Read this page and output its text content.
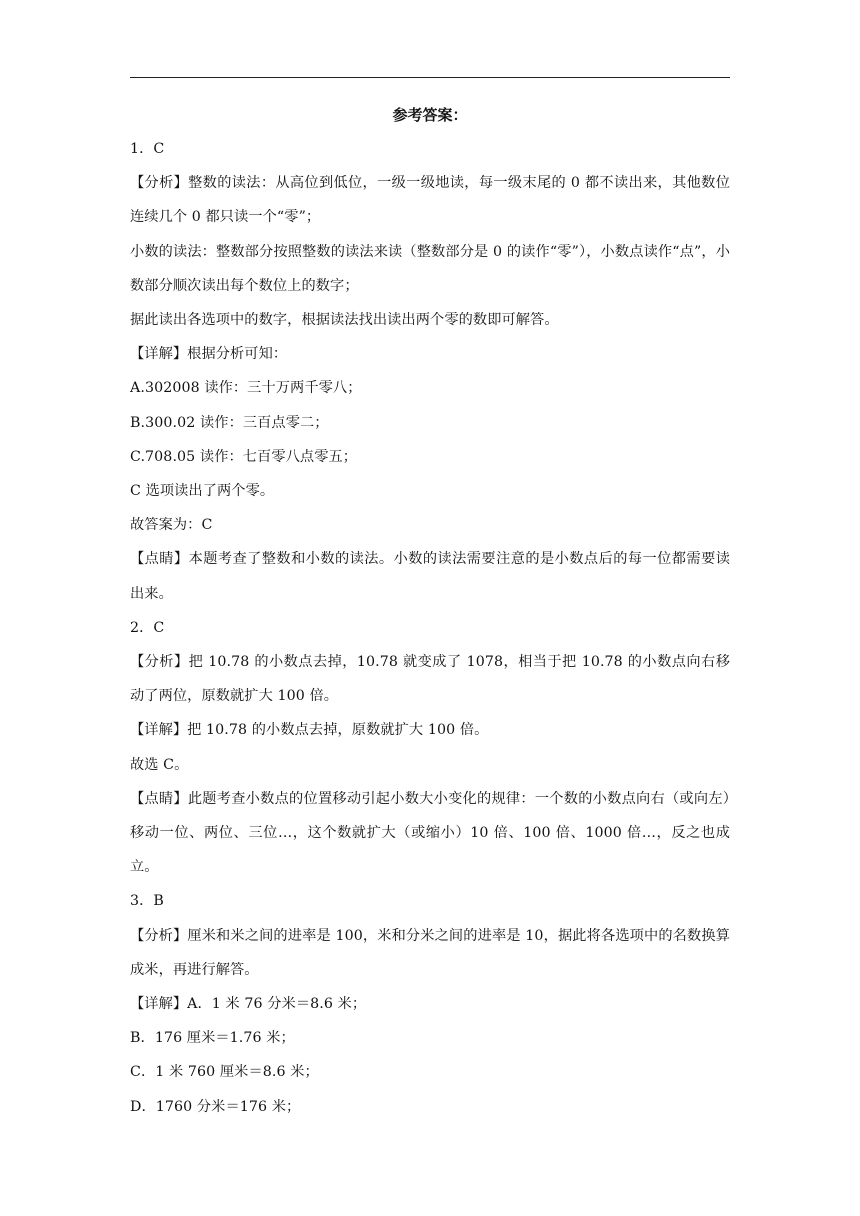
参考答案：

1．C

【分析】整数的读法：从高位到低位，一级一级地读，每一级末尾的 0 都不读出来，其他数位连续几个 0 都只读一个“零”；

小数的读法：整数部分按照整数的读法来读（整数部分是 0 的读作“零”），小数点读作“点”，小数部分顺次读出每个数位上的数字；

据此读出各选项中的数字，根据读法找出读出两个零的数即可解答。

【详解】根据分析可知：

A.302008 读作：三十万两千零八；

B.300.02 读作：三百点零二；

C.708.05 读作：七百零八点零五；

C 选项读出了两个零。

故答案为：C

【点睛】本题考查了整数和小数的读法。小数的读法需要注意的是小数点后的每一位都需要读出来。

2．C

【分析】把 10.78 的小数点去掉，10.78 就变成了 1078，相当于把 10.78 的小数点向右移动了两位，原数就扩大 100 倍。

【详解】把 10.78 的小数点去掉，原数就扩大 100 倍。

故选 C。

【点睛】此题考查小数点的位置移动引起小数大小变化的规律：一个数的小数点向右（或向左）移动一位、两位、三位…，这个数就扩大（或缩小）10 倍、100 倍、1000 倍…，反之也成立。

3．B

【分析】厘米和米之间的进率是 100，米和分米之间的进率是 10，据此将各选项中的名数换算成米，再进行解答。

【详解】A．1 米 76 分米＝8.6 米；

B．176 厘米＝1.76 米；

C．1 米 760 厘米＝8.6 米；

D．1760 分米＝176 米；
